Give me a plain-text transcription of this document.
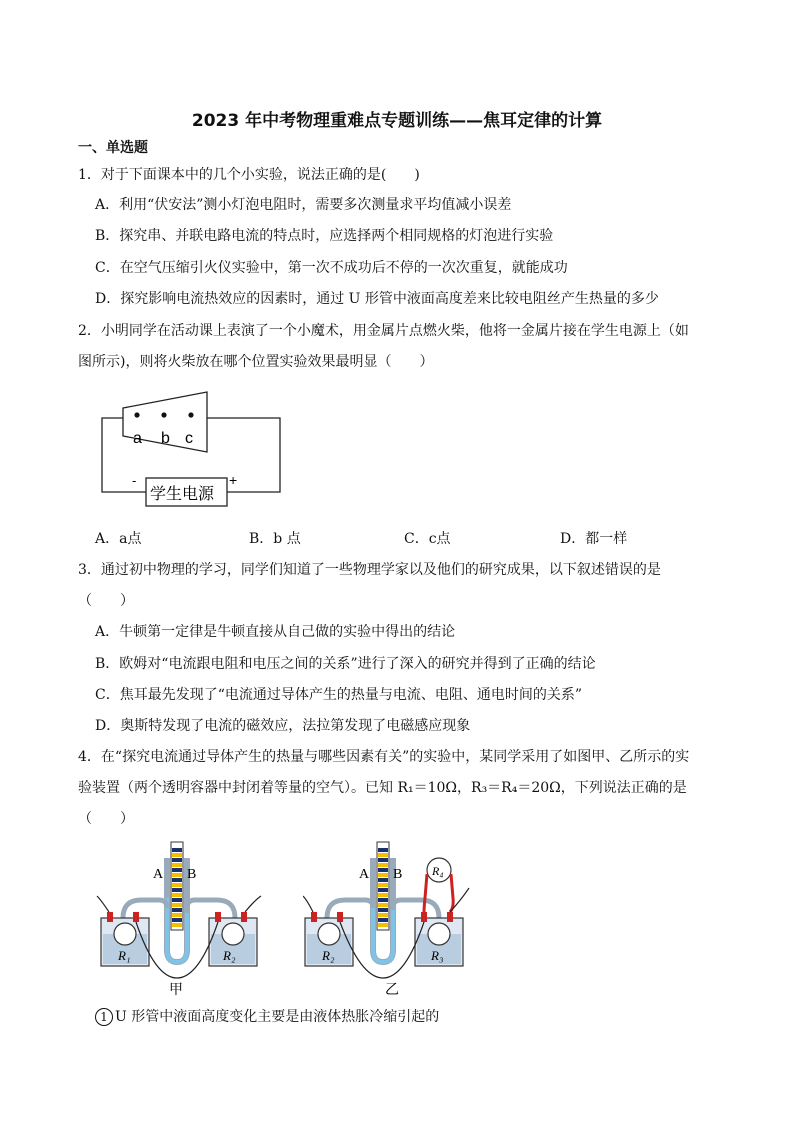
2023 年中考物理重难点专题训练——焦耳定律的计算
一、单选题
1．对于下面课本中的几个小实验，说法正确的是(　　)
A．利用“伏安法”测小灯泡电阻时，需要多次测量求平均值减小误差
B．探究串、并联电路电流的特点时，应选择两个相同规格的灯泡进行实验
C．在空气压缩引火仪实验中，第一次不成功后不停的一次次重复，就能成功
D．探究影响电流热效应的因素时，通过 U 形管中液面高度差来比较电阻丝产生热量的多少
2．小明同学在活动课上表演了一个小魔术，用金属片点燃火柴，他将一金属片接在学生电源上（如
图所示)，则将火柴放在哪个位置实验效果最明显（　　）
a b c
学生电源
-	+
A．a点	B．b 点	C．c点	D．都一样
3．通过初中物理的学习，同学们知道了一些物理学家以及他们的研究成果，以下叙述错误的是
（　　）
A．牛顿第一定律是牛顿直接从自己做的实验中得出的结论
B．欧姆对“电流跟电阻和电压之间的关系”进行了深入的研究并得到了正确的结论
C．焦耳最先发现了“电流通过导体产生的热量与电流、电阻、通电时间的关系”
D．奥斯特发现了电流的磁效应，法拉第发现了电磁感应现象
4．在“探究电流通过导体产生的热量与哪些因素有关”的实验中，某同学采用了如图甲、乙所示的实
验装置（两个透明容器中封闭着等量的空气）。已知 R₁＝10Ω，R₃＝R₄＝20Ω，下列说法正确的是
（　　）
A B
R₁	R₂
甲
A B
R₂	R₃
R₄
乙
1 U 形管中液面高度变化主要是由液体热胀冷缩引起的
